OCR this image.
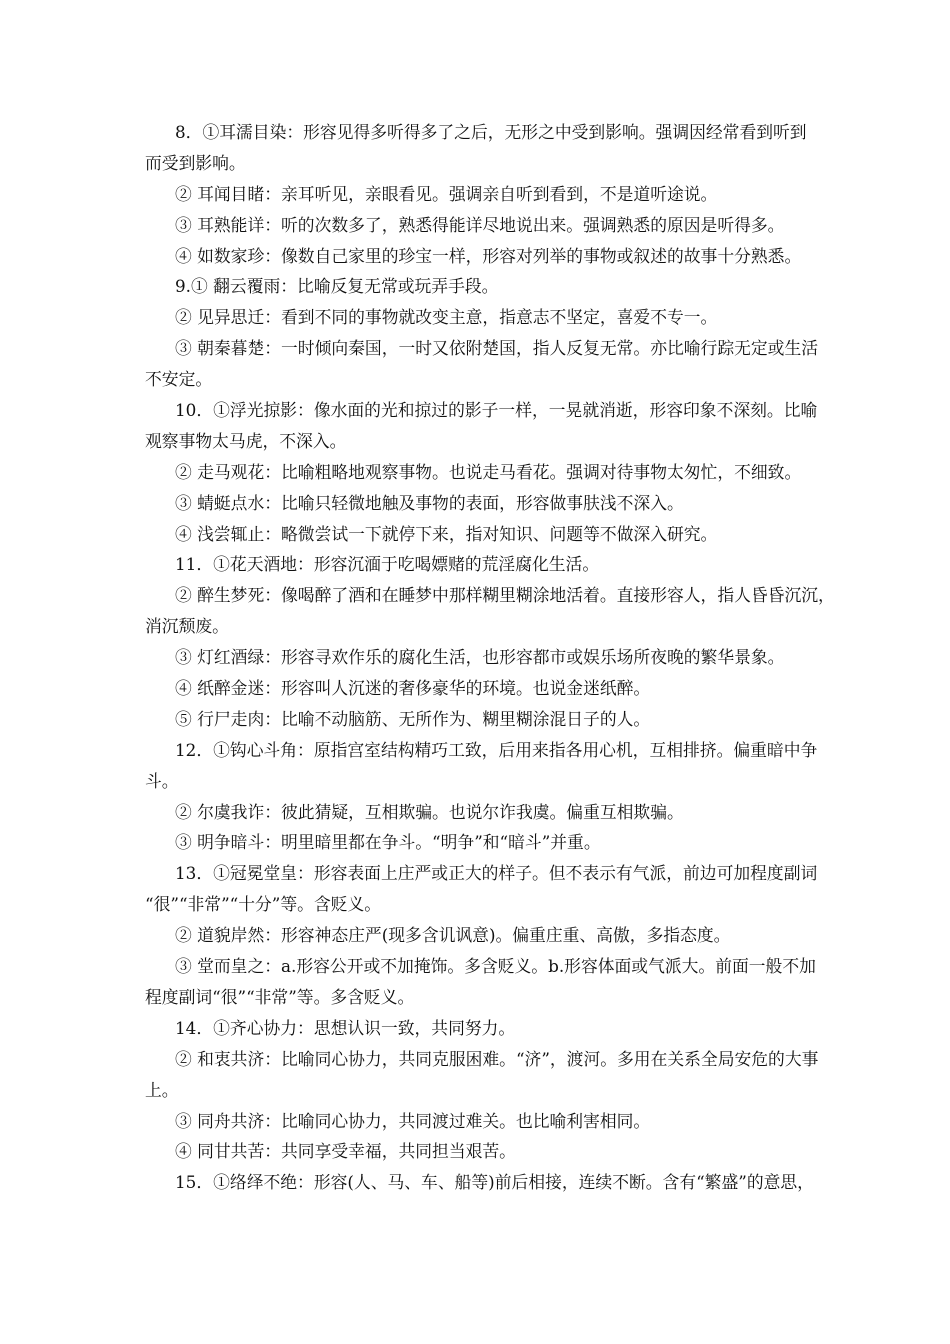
8．①耳濡目染：形容见得多听得多了之后，无形之中受到影响。强调因经常看到听到
而受到影响。
② 耳闻目睹：亲耳听见，亲眼看见。强调亲自听到看到，不是道听途说。
③ 耳熟能详：听的次数多了，熟悉得能详尽地说出来。强调熟悉的原因是听得多。
④ 如数家珍：像数自己家里的珍宝一样，形容对列举的事物或叙述的故事十分熟悉。
9.① 翻云覆雨：比喻反复无常或玩弄手段。
② 见异思迁：看到不同的事物就改变主意，指意志不坚定，喜爱不专一。
③ 朝秦暮楚：一时倾向秦国，一时又依附楚国，指人反复无常。亦比喻行踪无定或生活
不安定。
10．①浮光掠影：像水面的光和掠过的影子一样，一晃就消逝，形容印象不深刻。比喻
观察事物太马虎，不深入。
② 走马观花：比喻粗略地观察事物。也说走马看花。强调对待事物太匆忙，不细致。
③ 蜻蜓点水：比喻只轻微地触及事物的表面，形容做事肤浅不深入。
④ 浅尝辄止：略微尝试一下就停下来，指对知识、问题等不做深入研究。
11．①花天酒地：形容沉湎于吃喝嫖赌的荒淫腐化生活。
② 醉生梦死：像喝醉了酒和在睡梦中那样糊里糊涂地活着。直接形容人，指人昏昏沉沉，
消沉颓废。
③ 灯红酒绿：形容寻欢作乐的腐化生活，也形容都市或娱乐场所夜晚的繁华景象。
④ 纸醉金迷：形容叫人沉迷的奢侈豪华的环境。也说金迷纸醉。
⑤ 行尸走肉：比喻不动脑筋、无所作为、糊里糊涂混日子的人。
12．①钩心斗角：原指宫室结构精巧工致，后用来指各用心机，互相排挤。偏重暗中争
斗。
② 尔虞我诈：彼此猜疑，互相欺骗。也说尔诈我虞。偏重互相欺骗。
③ 明争暗斗：明里暗里都在争斗。“明争”和“暗斗”并重。
13．①冠冕堂皇：形容表面上庄严或正大的样子。但不表示有气派，前边可加程度副词
“很”“非常”“十分”等。含贬义。
② 道貌岸然：形容神态庄严(现多含讥讽意)。偏重庄重、高傲，多指态度。
③ 堂而皇之：a.形容公开或不加掩饰。多含贬义。b.形容体面或气派大。前面一般不加
程度副词“很”“非常”等。多含贬义。
14．①齐心协力：思想认识一致，共同努力。
② 和衷共济：比喻同心协力，共同克服困难。“济”，渡河。多用在关系全局安危的大事
上。
③ 同舟共济：比喻同心协力，共同渡过难关。也比喻利害相同。
④ 同甘共苦：共同享受幸福，共同担当艰苦。
15．①络绎不绝：形容(人、马、车、船等)前后相接，连续不断。含有“繁盛”的意思，
